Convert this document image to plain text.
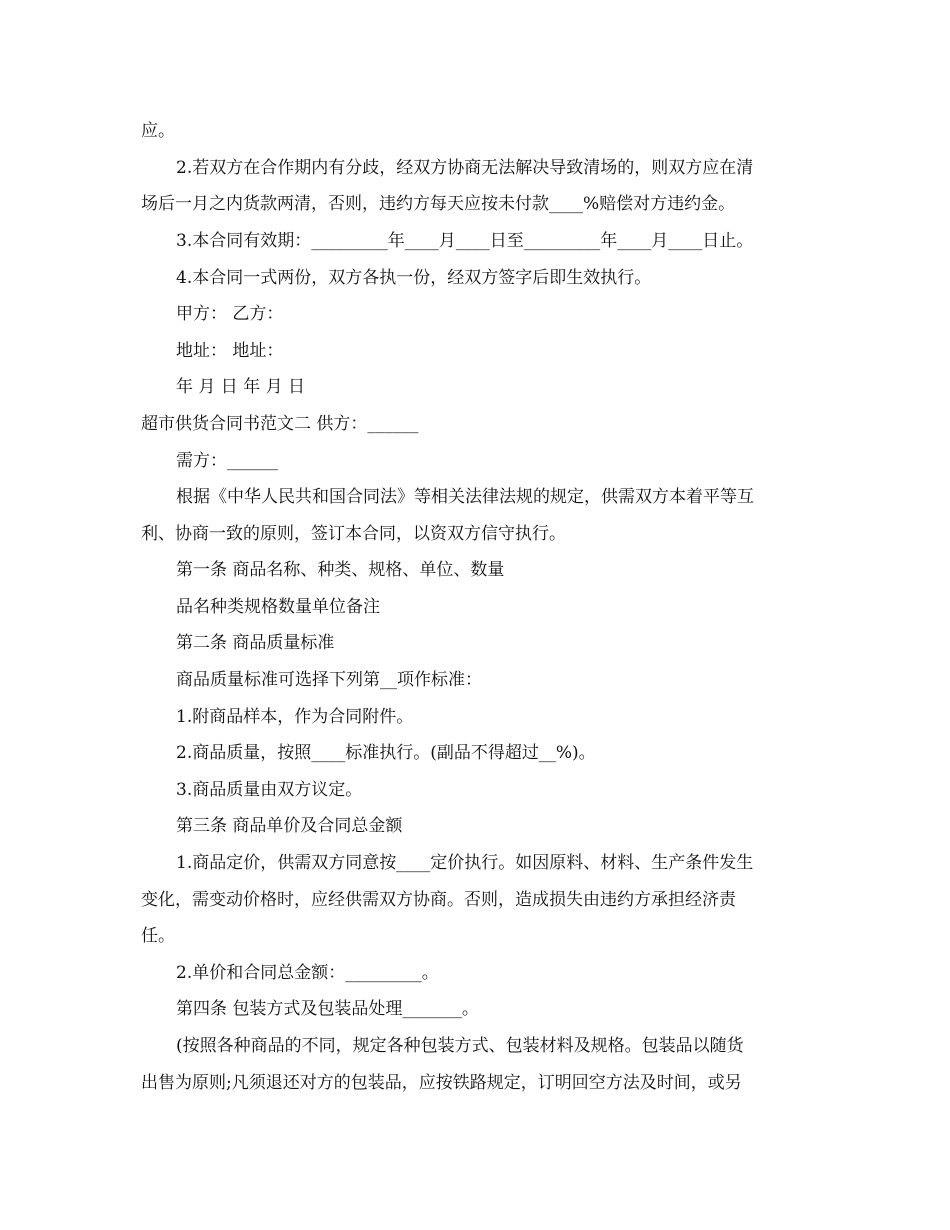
应。
2.若双方在合作期内有分歧，经双方协商无法解决导致清场的，则双方应在清
场后一月之内货款两清，否则，违约方每天应按未付款____%赔偿对方违约金。
3.本合同有效期：_________年____月____日至_________年____月____日止。
4.本合同一式两份，双方各执一份，经双方签字后即生效执行。
甲方： 乙方：
地址： 地址：
年 月 日 年 月 日
超市供货合同书范文二 供方：______
需方：______
根据《中华人民共和国合同法》等相关法律法规的规定，供需双方本着平等互
利、协商一致的原则，签订本合同，以资双方信守执行。
第一条 商品名称、种类、规格、单位、数量
品名种类规格数量单位备注
第二条 商品质量标准
商品质量标准可选择下列第__项作标准：
1.附商品样本，作为合同附件。
2.商品质量，按照____标准执行。(副品不得超过__%)。
3.商品质量由双方议定。
第三条 商品单价及合同总金额
1.商品定价，供需双方同意按____定价执行。如因原料、材料、生产条件发生
变化，需变动价格时，应经供需双方协商。否则，造成损失由违约方承担经济责
任。
2.单价和合同总金额：_________。
第四条 包装方式及包装品处理_______。
(按照各种商品的不同，规定各种包装方式、包装材料及规格。包装品以随货
出售为原则;凡须退还对方的包装品，应按铁路规定，订明回空方法及时间，或另
